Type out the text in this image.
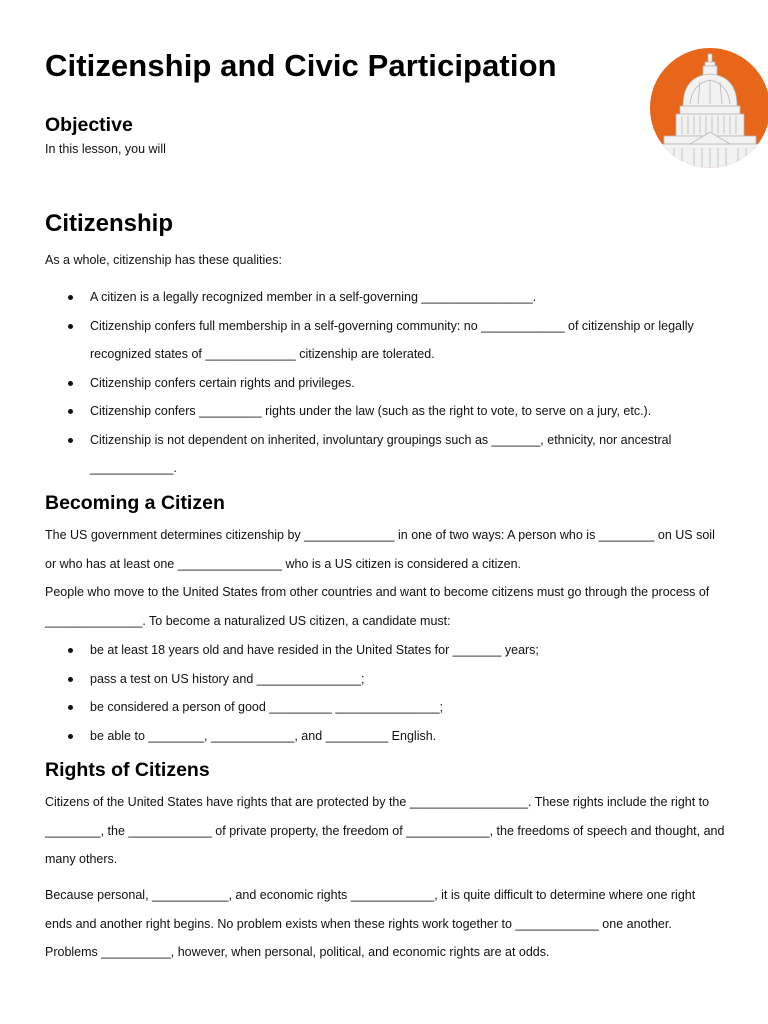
Citizenship and Civic Participation
Objective

In this lesson, you will

Citizenship

As a whole, citizenship has these qualities:

A citizen is a legally recognized member in a self-governing ________________.
Citizenship confers full membership in a self-governing community: no ____________ of citizenship or legally recognized states of _____________ citizenship are tolerated.
Citizenship confers certain rights and privileges.
Citizenship confers _________ rights under the law (such as the right to vote, to serve on a jury, etc.).
Citizenship is not dependent on inherited, involuntary groupings such as _______, ethnicity, nor ancestral ____________.
Becoming a Citizen

The US government determines citizenship by _____________ in one of two ways: A person who is ________ on US soil or who has at least one _______________ who is a US citizen is considered a citizen.

People who move to the United States from other countries and want to become citizens must go through the process of ______________. To become a naturalized US citizen, a candidate must:

be at least 18 years old and have resided in the United States for _______ years;
pass a test on US history and _______________;
be considered a person of good _________ _______________;
be able to ________, ____________, and _________ English.
Rights of Citizens

Citizens of the United States have rights that are protected by the _________________. These rights include the right to ________, the ____________ of private property, the freedom of ____________, the freedoms of speech and thought, and many others.

Because personal, ___________, and economic rights ____________, it is quite difficult to determine where one right ends and another right begins. No problem exists when these rights work together to ____________ one another. Problems __________, however, when personal, political, and economic rights are at odds.
